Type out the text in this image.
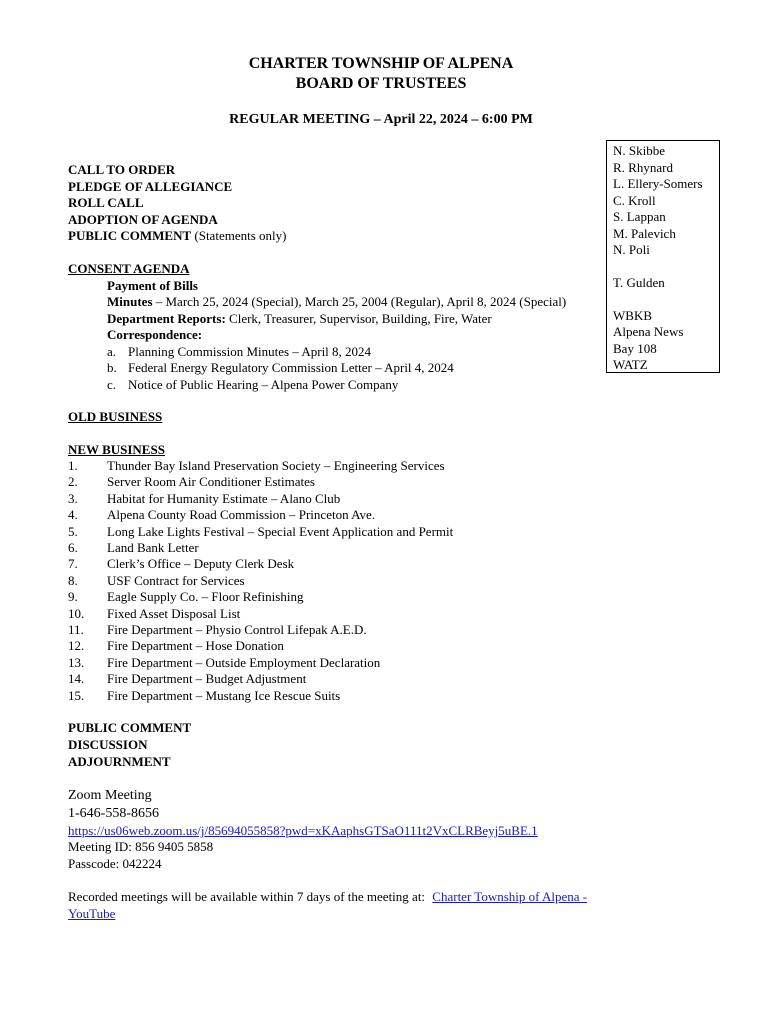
CHARTER TOWNSHIP OF ALPENA
BOARD OF TRUSTEES
REGULAR MEETING – April 22, 2024 – 6:00 PM
N. Skibbe
R. Rhynard
L. Ellery-Somers
C. Kroll
S. Lappan
M. Palevich
N. Poli
T. Gulden
WBKB
Alpena News
Bay 108
WATZ
CALL TO ORDER
PLEDGE OF ALLEGIANCE
ROLL CALL
ADOPTION OF AGENDA
PUBLIC COMMENT (Statements only)
CONSENT AGENDA
Payment of Bills
Minutes – March 25, 2024 (Special), March 25, 2004 (Regular), April 8, 2024 (Special)
Department Reports: Clerk, Treasurer, Supervisor, Building, Fire, Water
Correspondence:
a. Planning Commission Minutes – April 8, 2024
b. Federal Energy Regulatory Commission Letter – April 4, 2024
c. Notice of Public Hearing – Alpena Power Company
OLD BUSINESS
NEW BUSINESS
1.	Thunder Bay Island Preservation Society – Engineering Services
2.	Server Room Air Conditioner Estimates
3.	Habitat for Humanity Estimate – Alano Club
4.	Alpena County Road Commission – Princeton Ave.
5.	Long Lake Lights Festival – Special Event Application and Permit
6.	Land Bank Letter
7.	Clerk’s Office – Deputy Clerk Desk
8.	USF Contract for Services
9.	Eagle Supply Co. – Floor Refinishing
10.	Fixed Asset Disposal List
11.	Fire Department – Physio Control Lifepak A.E.D.
12.	Fire Department – Hose Donation
13.	Fire Department – Outside Employment Declaration
14.	Fire Department – Budget Adjustment
15.	Fire Department – Mustang Ice Rescue Suits
PUBLIC COMMENT
DISCUSSION
ADJOURNMENT
Zoom Meeting
1-646-558-8656
https://us06web.zoom.us/j/85694055858?pwd=xKAaphsGTSaO111t2VxCLRBeyj5uBE.1
Meeting ID: 856 9405 5858
Passcode: 042224
Recorded meetings will be available within 7 days of the meeting at: Charter Township of Alpena -
YouTube
